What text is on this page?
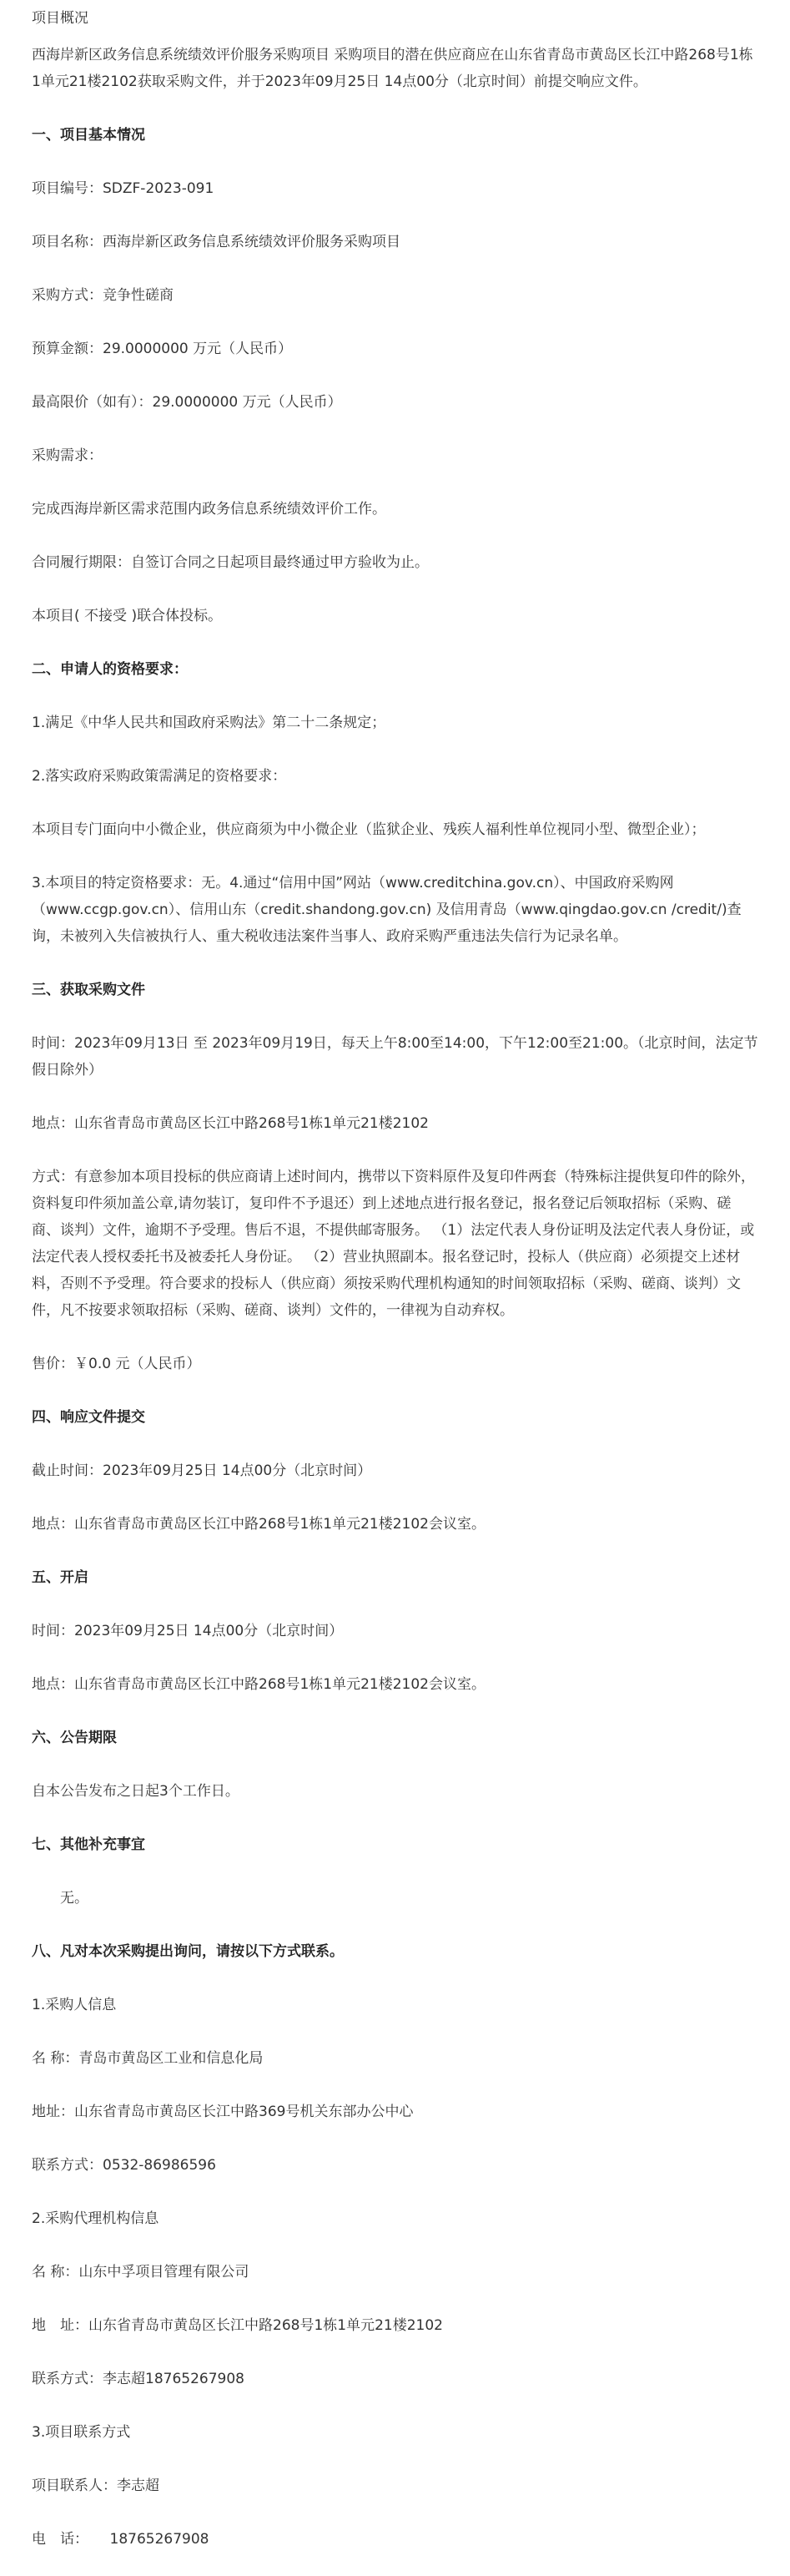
项目概况
西海岸新区政务信息系统绩效评价服务采购项目 采购项目的潜在供应商应在山东省青岛市黄岛区长江中路268号1栋1单元21楼2102获取采购文件，并于2023年09月25日 14点00分（北京时间）前提交响应文件。
一、项目基本情况
项目编号：SDZF-2023-091
项目名称：西海岸新区政务信息系统绩效评价服务采购项目
采购方式：竞争性磋商
预算金额：29.0000000 万元（人民币）
最高限价（如有）：29.0000000 万元（人民币）
采购需求：
完成西海岸新区需求范围内政务信息系统绩效评价工作。
合同履行期限：自签订合同之日起项目最终通过甲方验收为止。
本项目( 不接受 )联合体投标。
二、申请人的资格要求：
1.满足《中华人民共和国政府采购法》第二十二条规定；
2.落实政府采购政策需满足的资格要求：
本项目专门面向中小微企业，供应商须为中小微企业（监狱企业、残疾人福利性单位视同小型、微型企业）；
3.本项目的特定资格要求：无。4.通过“信用中国”网站（www.creditchina.gov.cn）、中国政府采购网（www.ccgp.gov.cn）、信用山东（credit.shandong.gov.cn) 及信用青岛（www.qingdao.gov.cn /credit/)查询，未被列入失信被执行人、重大税收违法案件当事人、政府采购严重违法失信行为记录名单。
三、获取采购文件
时间：2023年09月13日 至 2023年09月19日，每天上午8:00至14:00，下午12:00至21:00。（北京时间，法定节假日除外）
地点：山东省青岛市黄岛区长江中路268号1栋1单元21楼2102
方式：有意参加本项目投标的供应商请上述时间内，携带以下资料原件及复印件两套（特殊标注提供复印件的除外，资料复印件须加盖公章,请勿装订，复印件不予退还）到上述地点进行报名登记，报名登记后领取招标（采购、磋商、谈判）文件，逾期不予受理。售后不退，不提供邮寄服务。 （1）法定代表人身份证明及法定代表人身份证，或法定代表人授权委托书及被委托人身份证。 （2）营业执照副本。报名登记时，投标人（供应商）必须提交上述材料，否则不予受理。符合要求的投标人（供应商）须按采购代理机构通知的时间领取招标（采购、磋商、谈判）文件，凡不按要求领取招标（采购、磋商、谈判）文件的，一律视为自动弃权。
售价：￥0.0 元（人民币）
四、响应文件提交
截止时间：2023年09月25日 14点00分（北京时间）
地点：山东省青岛市黄岛区长江中路268号1栋1单元21楼2102会议室。
五、开启
时间：2023年09月25日 14点00分（北京时间）
地点：山东省青岛市黄岛区长江中路268号1栋1单元21楼2102会议室。
六、公告期限
自本公告发布之日起3个工作日。
七、其他补充事宜
无。
八、凡对本次采购提出询问，请按以下方式联系。
1.采购人信息
名 称：青岛市黄岛区工业和信息化局
地址：山东省青岛市黄岛区长江中路369号机关东部办公中心
联系方式：0532-86986596
2.采购代理机构信息
名 称：山东中孚项目管理有限公司
地　址：山东省青岛市黄岛区长江中路268号1栋1单元21楼2102
联系方式：李志超18765267908
3.项目联系方式
项目联系人：李志超
电　话：　　18765267908
